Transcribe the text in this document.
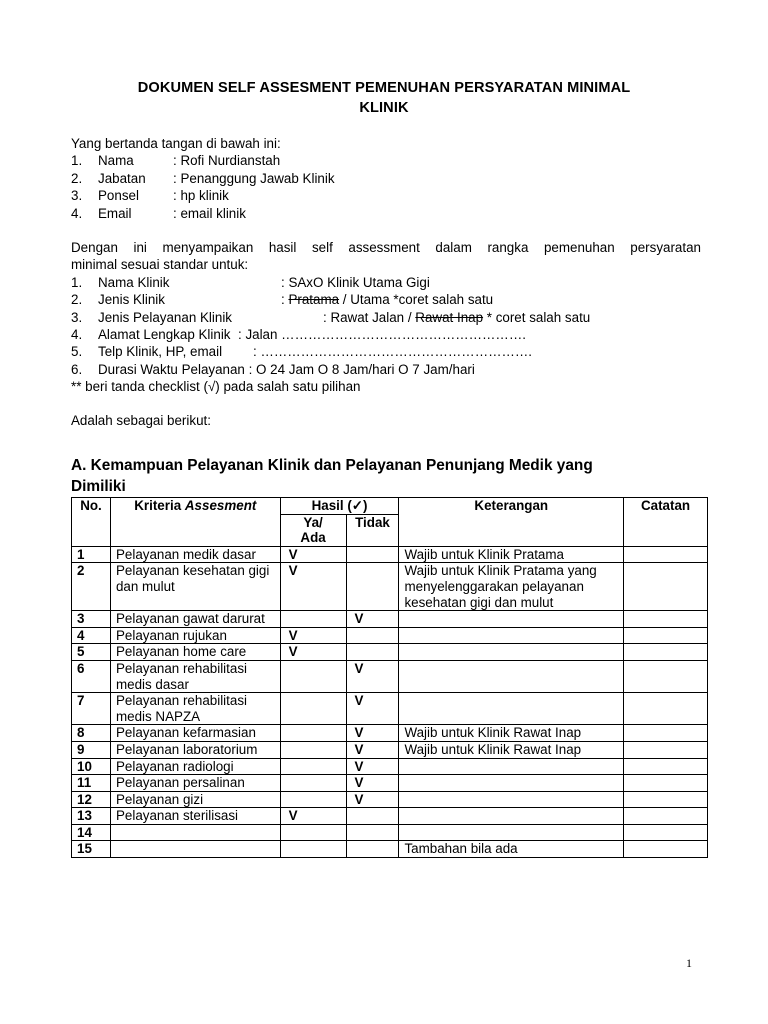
DOKUMEN SELF ASSESMENT PEMENUHAN PERSYARATAN MINIMAL
KLINIK
Yang bertanda tangan di bawah ini:
1. Nama	: Rofi Nurdianstah
2. Jabatan : Penanggung Jawab Klinik
3. Ponsel	: hp klinik
4. Email	: email klinik
Dengan ini menyampaikan hasil self assessment dalam rangka pemenuhan persyaratan
minimal sesuai standar untuk:
1. Nama Klinik	: SAxO Klinik Utama Gigi
2. Jenis Klinik	: Pratama / Utama *coret salah satu
3. Jenis Pelayanan Klinik	: Rawat Jalan / Rawat Inap * coret salah satu
4. Alamat Lengkap Klinik : Jalan ……………………………………………….
5. Telp Klinik, HP, email : …………………………………………………….
6. Durasi Waktu Pelayanan : O 24 Jam O 8 Jam/hari O 7 Jam/hari
** beri tanda checklist (√) pada salah satu pilihan
Adalah sebagai berikut:
A. Kemampuan Pelayanan Klinik dan Pelayanan Penunjang Medik yang
Dimiliki
No.	Kriteria Assesment	Hasil (✓)		Keterangan	Catatan

		Ya/
Ada	Tidak		
1	Pelayanan medik dasar	V		Wajib untuk Klinik Pratama	
2	Pelayanan kesehatan gigi dan mulut	V		Wajib untuk Klinik Pratama yang menyelenggarakan pelayanan kesehatan gigi dan mulut	
3	Pelayanan gawat darurat		V		
4	Pelayanan rujukan	V			
5	Pelayanan home care	V			
6	Pelayanan rehabilitasi medis dasar		V		
7	Pelayanan rehabilitasi medis NAPZA		V		
8	Pelayanan kefarmasian		V	Wajib untuk Klinik Rawat Inap	
9	Pelayanan laboratorium		V	Wajib untuk Klinik Rawat Inap	
10	Pelayanan radiologi		V		
11	Pelayanan persalinan		V		
12	Pelayanan gizi		V		
13	Pelayanan sterilisasi	V			
14					
15				Tambahan bila ada	
1
